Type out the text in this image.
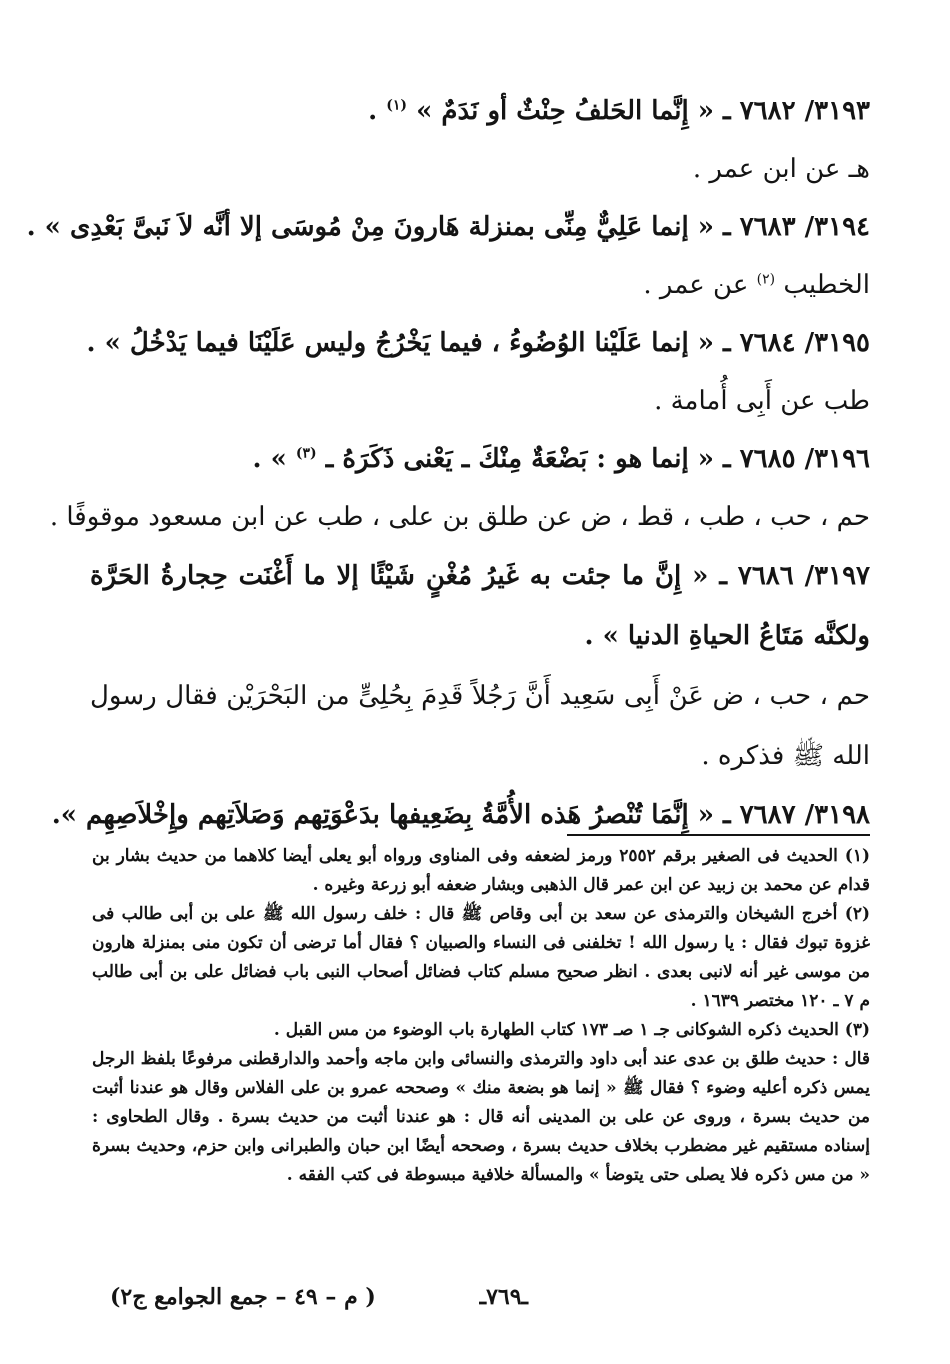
٣١٩٣/ ٧٦٨٢ ـ « إِنَّما الحَلفُ حِنْثٌ أو نَدَمٌ » $^{(١)}$ .

هـ عن ابن عمر .

٣١٩٤/ ٧٦٨٣ ـ « إنما عَلِيٌّ مِنِّى بمنزلة هَارونَ مِنْ مُوسَى إلا أنَّه لاَ نَبىَّ بَعْدِى » .

الخطيب $^{(٢)}$ عن عمر .

٣١٩٥/ ٧٦٨٤ ـ « إنما عَلَيْنا الوُضُوءُ ، فيما يَخْرُجُ وليس عَلَيْنَا فيما يَدْخُلُ » .

طب عن أَبِى أُمامة .

٣١٩٦/ ٧٦٨٥ ـ « إنما هو : بَضْعَةٌ مِنْكَ ـ يَعْنى ذَكَرَهُ ـ $^{(٣)}$ » .

حم ، حب ، طب ، قط ، ض عن طلق بن على ، طب عن ابن مسعود موقوفًا .

٣١٩٧/ ٧٦٨٦ ـ « إِنَّ ما جئت به غَيرُ مُغْنٍ شَيْئًا إلا ما أَغْنَت حِجارةُ الحَرَّة ولكنَّه مَتَاعُ الحياةِ الدنيا » .

حم ، حب ، ض عَنْ أَبِى سَعِيد أَنَّ رَجُلاً قَدِمَ بِحُلِىٍّ من البَحْرَيْن فقال رسول الله ﷺ فذكره .

٣١٩٨/ ٧٦٨٧ ـ « إِنَّمَا تُنْصرُ هَذه الأُمَّةُ بِضَعِيفها بدَعْوَتِهم وَصَلاَتِهم وإِخْلاَصِهِم ».

(١) الحديث فى الصغير برقم ٢٥٥٢ ورمز لضعفه وفى المناوى ورواه أبو يعلى أيضا كلاهما من حديث بشار بن قدام عن محمد بن زبيد عن ابن عمر قال الذهبى وبشار ضعفه أبو زرعة وغيره .

(٢) أخرج الشيخان والترمذى عن سعد بن أبى وقاص ﷺ قال : خلف رسول الله ﷺ على بن أبى طالب فى غزوة تبوك فقال : يا رسول الله ! تخلفنى فى النساء والصبيان ؟ فقال أما ترضى أن تكون منى بمنزلة هارون من موسى غير أنه لانبى بعدى . انظر صحيح مسلم كتاب فضائل أصحاب النبى باب فضائل على بن أبى طالب م ٧ ـ ١٢٠ مختصر ١٦٣٩ .

(٣) الحديث ذكره الشوكانى جـ ١ صـ ١٧٣ كتاب الطهارة باب الوضوء من مس القبل .

قال : حديث طلق بن عدى عند أبى داود والترمذى والنسائى وابن ماجه وأحمد والدارقطنى مرفوعًا بلفظ الرجل يمس ذكره أعليه وضوء ؟ فقال ﷺ « إنما هو بضعة منك » وصححه عمرو بن على الفلاس وقال هو عندنا أثبت من حديث بسرة ، وروى عن على بن المدينى أنه قال : هو عندنا أثبت من حديث بسرة . وقال الطحاوى : إسناده مستقيم غير مضطرب بخلاف حديث بسرة ، وصححه أيضًا ابن حبان والطبرانى وابن حزم، وحديث بسرة « من مس ذكره فلا يصلى حتى يتوضأ » والمسألة خلافية مبسوطة فى كتب الفقه .

ـ٧٦٩ـ
( م – ٤٩ – جمع الجوامع ج٢)
